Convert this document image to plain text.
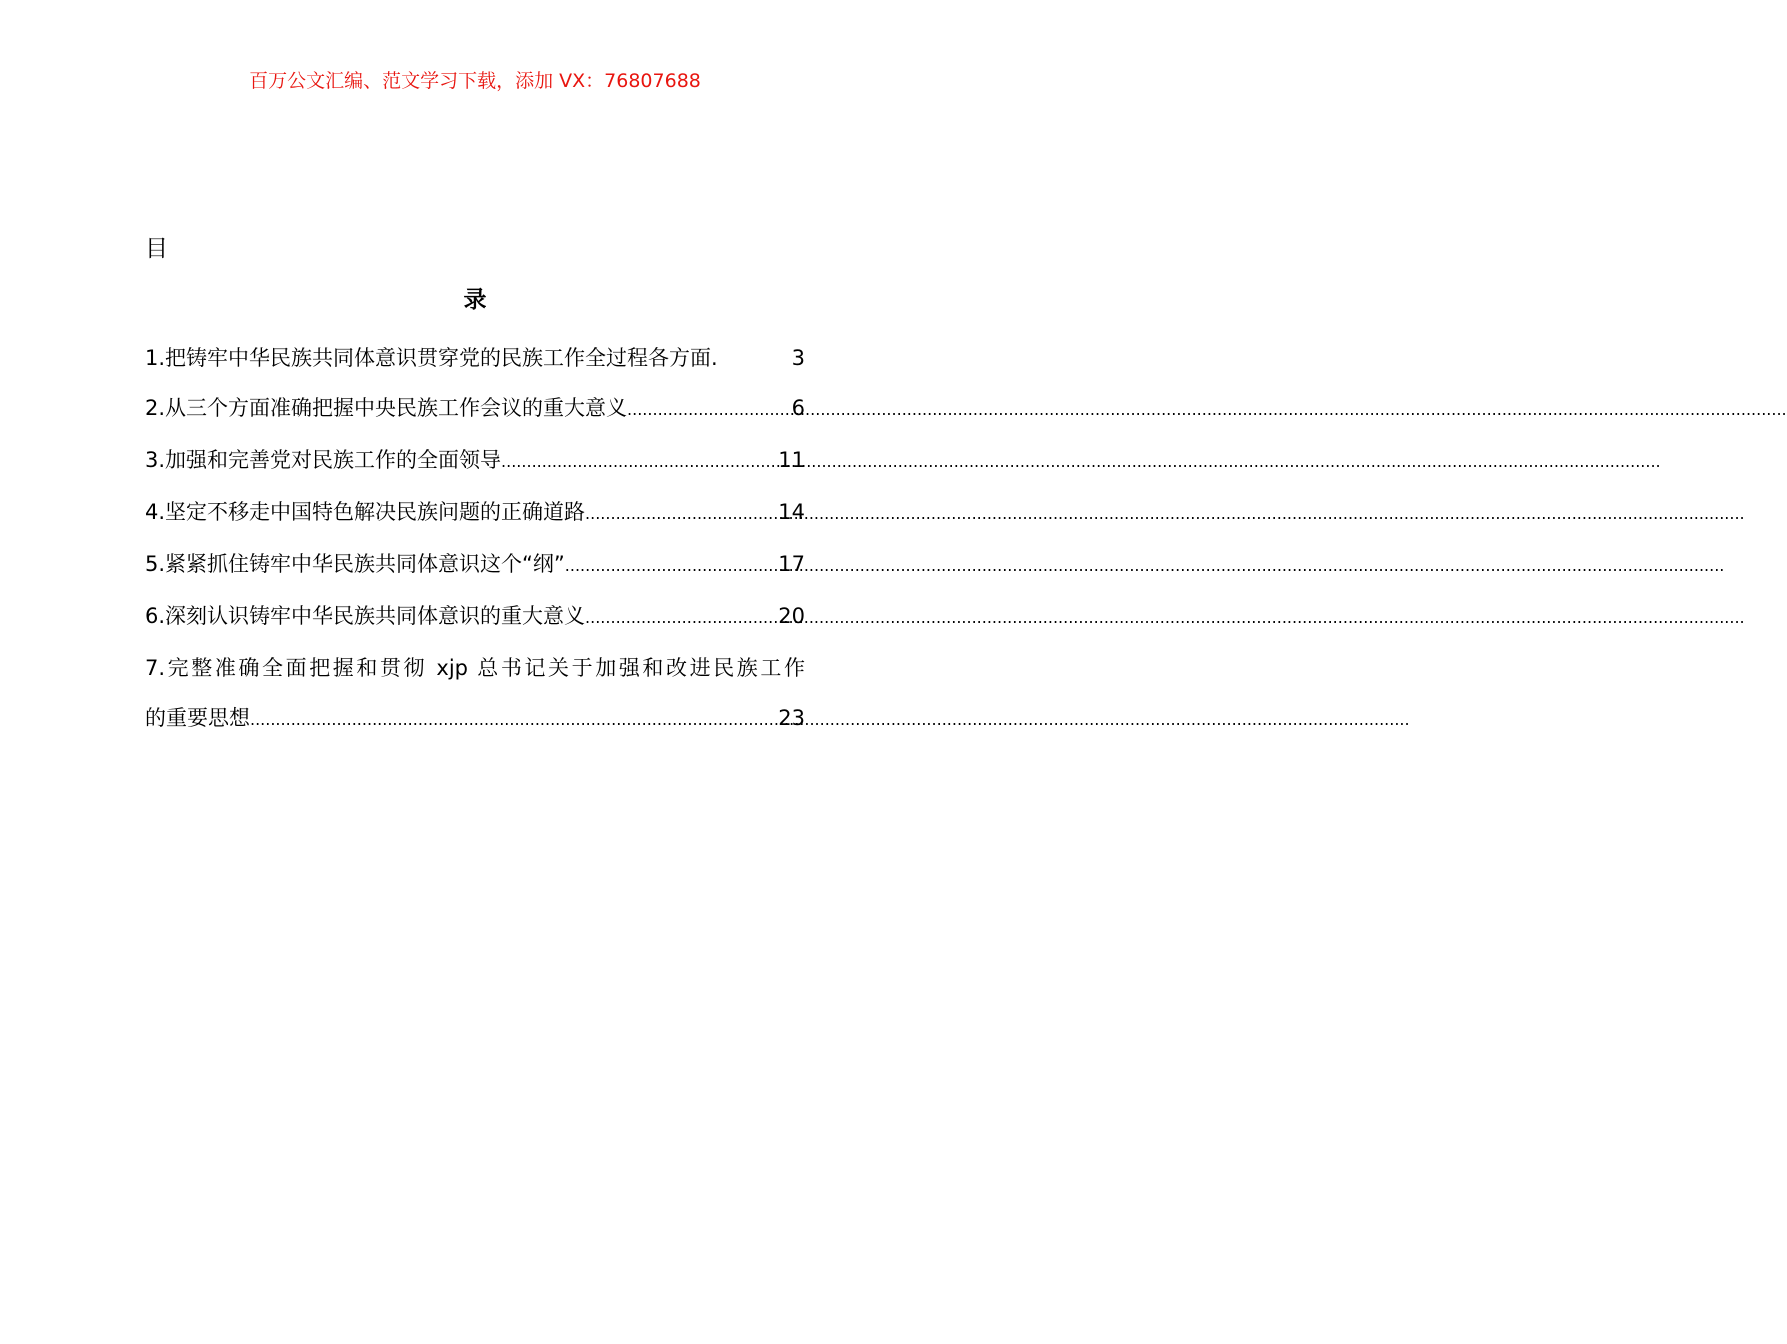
百万公文汇编、范文学习下载，添加 VX：76807688
目
录
1.把铸牢中华民族共同体意识贯穿党的民族工作全过程各方面.	3
2.从三个方面准确把握中央民族工作会议的重大意义 .....	6
3.加强和完善党对民族工作的全面领导 .....	11
4.坚定不移走中国特色解决民族问题的正确道路 .....	14
5.紧紧抓住铸牢中华民族共同体意识这个“纲” .....	17
6.深刻认识铸牢中华民族共同体意识的重大意义 .....	20
7.完整准确全面把握和贯彻 xjp 总书记关于加强和改进民族工作
的重要思想 .....	23
